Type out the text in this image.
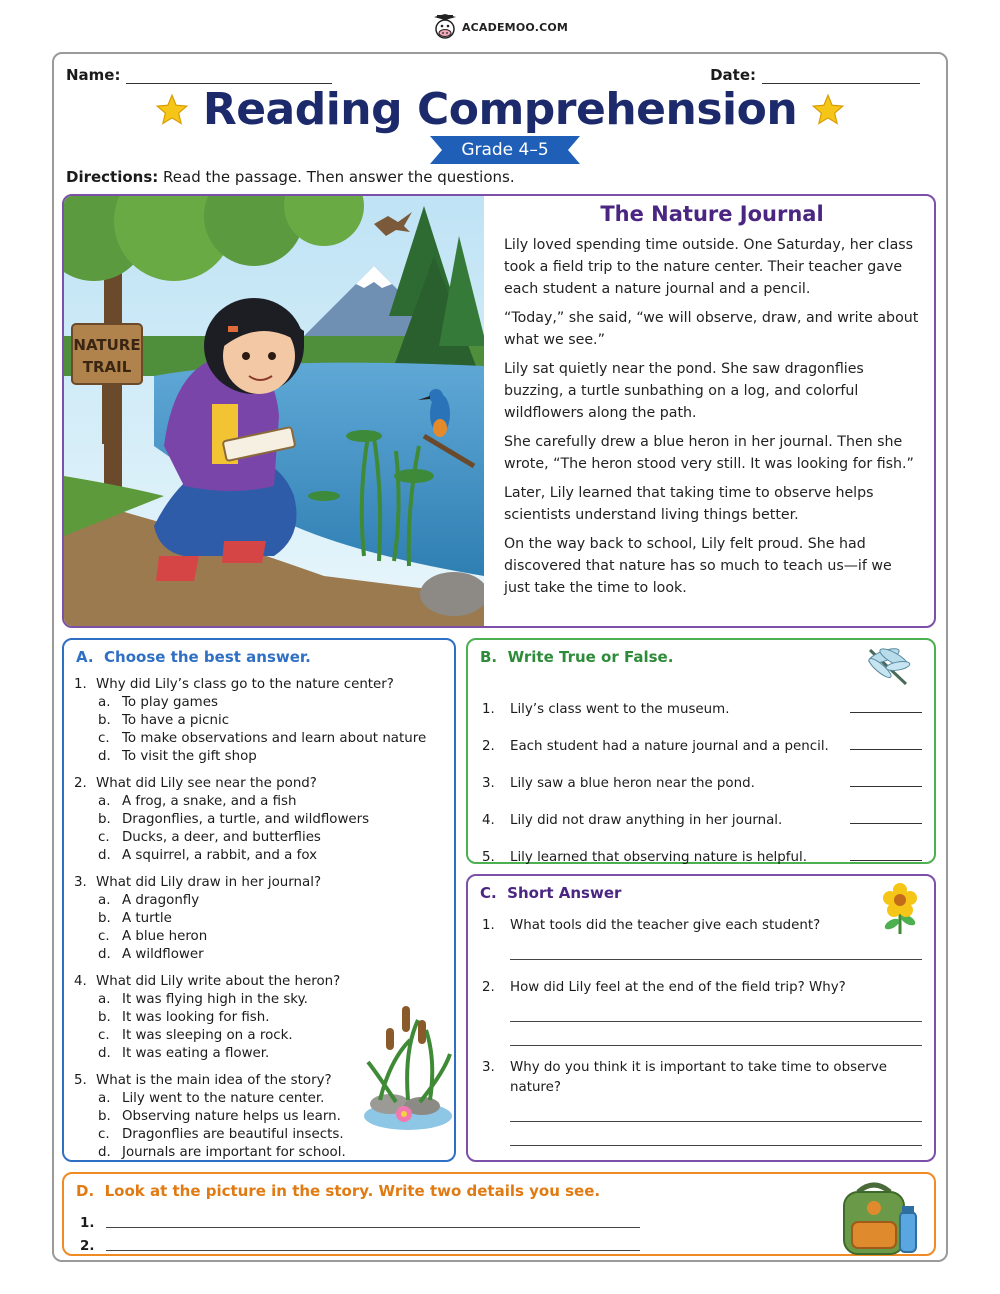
ACADEMOO.COM
Name:	Date:
Reading Comprehension
Grade 4–5
Directions: Read the passage. Then answer the questions.
NATURE
TRAIL
The Nature Journal

Lily loved spending time outside. One Saturday, her class took a field trip to the nature center. Their teacher gave each student a nature journal and a pencil.

“Today,” she said, “we will observe, draw, and write about what we see.”

Lily sat quietly near the pond. She saw dragonflies buzzing, a turtle sunbathing on a log, and colorful wildflowers along the path.

She carefully drew a blue heron in her journal. Then she wrote, “The heron stood very still. It was looking for fish.”

Later, Lily learned that taking time to observe helps scientists understand living things better.

On the way back to school, Lily felt proud. She had discovered that nature has so much to teach us—if we just take the time to look.

A. Choose the best answer.
1. Why did Lily’s class go to the nature center?
a. To play games
b. To have a picnic
c. To make observations and learn about nature
d. To visit the gift shop
2. What did Lily see near the pond?
a. A frog, a snake, and a fish
b. Dragonflies, a turtle, and wildflowers
c. Ducks, a deer, and butterflies
d. A squirrel, a rabbit, and a fox
3. What did Lily draw in her journal?
a. A dragonfly
b. A turtle
c. A blue heron
d. A wildflower
4. What did Lily write about the heron?
a. It was flying high in the sky.
b. It was looking for fish.
c. It was sleeping on a rock.
d. It was eating a flower.
5. What is the main idea of the story?
a. Lily went to the nature center.
b. Observing nature helps us learn.
c. Dragonflies are beautiful insects.
d. Journals are important for school.
B. Write True or False.
1.	Lily’s class went to the museum.
2.	Each student had a nature journal and a pencil.
3.	Lily saw a blue heron near the pond.
4.	Lily did not draw anything in her journal.
5.	Lily learned that observing nature is helpful.
C. Short Answer
1.	What tools did the teacher give each student?
2.	How did Lily feel at the end of the field trip? Why?
3.	Why do you think it is important to take time to observe nature?
D. Look at the picture in the story. Write two details you see.
1.
2.
